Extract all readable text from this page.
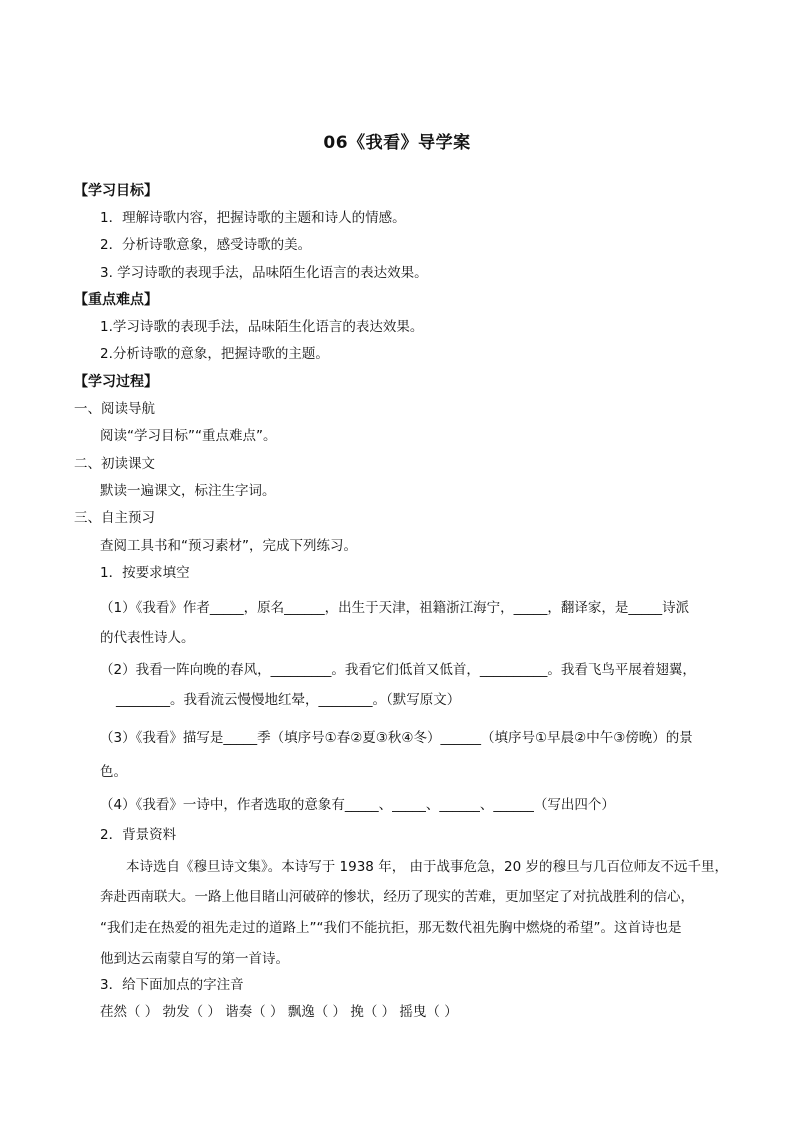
06《我看》导学案
【学习目标】
1．理解诗歌内容，把握诗歌的主题和诗人的情感。
2．分析诗歌意象，感受诗歌的美。
3. 学习诗歌的表现手法，品味陌生化语言的表达效果。
【重点难点】
1.学习诗歌的表现手法，品味陌生化语言的表达效果。
2.分析诗歌的意象，把握诗歌的主题。
【学习过程】
一、阅读导航
阅读“学习目标”“重点难点”。
二、初读课文
默读一遍课文，标注生字词。
三、自主预习
查阅工具书和“预习素材”，完成下列练习。
1．按要求填空
（1）《我看》作者_____，原名______，出生于天津，祖籍浙江海宁，_____，翻译家，是_____诗派
的代表性诗人。
（2）我看一阵向晚的春风，_________。我看它们低首又低首，__________。我看飞鸟平展着翅翼，
________。我看流云慢慢地红晕，________。（默写原文）
（3）《我看》描写是_____季（填序号①春②夏③秋④冬）______（填序号①早晨②中午③傍晚）的景
色。
（4）《我看》一诗中，作者选取的意象有_____、_____、______、______（写出四个）
2．背景资料
本诗选自《穆旦诗文集》。本诗写于 1938 年， 由于战事危急，20 岁的穆旦与几百位师友不远千里，
奔赴西南联大。一路上他目睹山河破碎的惨状，经历了现实的苦难，更加坚定了对抗战胜利的信心，
“我们走在热爱的祖先走过的道路上”“我们不能抗拒，那无数代祖先胸中燃烧的希望”。这首诗也是
他到达云南蒙自写的第一首诗。
3．给下面加点的字注音
荏然（ ） 勃发（ ） 谐奏（ ） 飘逸（ ） 挽（ ） 摇曳（ ）
